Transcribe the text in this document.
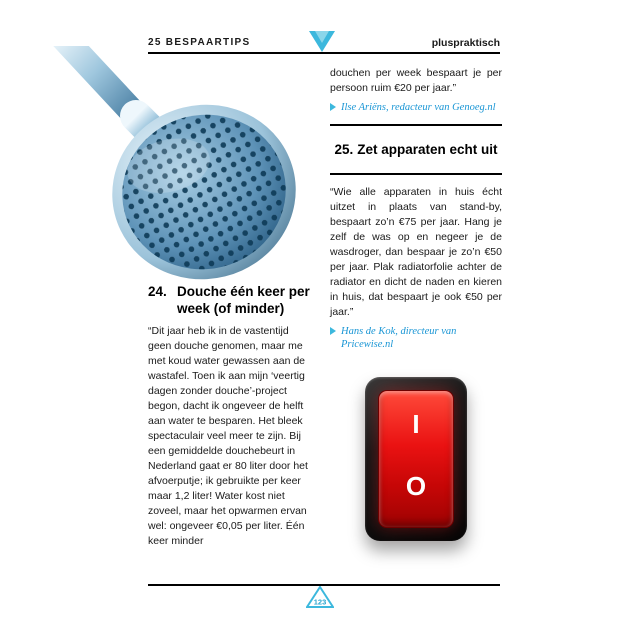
25 BESPAARTIPS	pluspraktisch
24. Douche één keer per week (of minder)

“Dit jaar heb ik in de vastentijd geen douche genomen, maar me met koud water gewassen aan de wastafel. Toen ik aan mijn ‘veertig dagen zonder douche’-project begon, dacht ik ongeveer de helft aan water te besparen. Het bleek spectaculair veel meer te zijn. Bij een gemiddelde douchebeurt in Nederland gaat er 80 liter door het afvoerputje; ik gebruikte per keer maar 1,2 liter! Water kost niet zoveel, maar het opwarmen ervan wel: ongeveer €0,05 per liter. Één keer minder

douchen per week bespaart je per persoon ruim €20 per jaar.”

Ilse Ariëns, redacteur van Genoeg.nl
25. Zet apparaten echt uit

“Wie alle apparaten in huis écht uitzet in plaats van stand-by, bespaart zo’n €75 per jaar. Hang je zelf de was op en negeer je de wasdroger, dan bespaar je zo’n €50 per jaar. Plak radiatorfolie achter de radiator en dicht de naden en kieren in huis, dat bespaart je ook €50 per jaar.”

Hans de Kok, directeur van Pricewise.nl
I
O
123
